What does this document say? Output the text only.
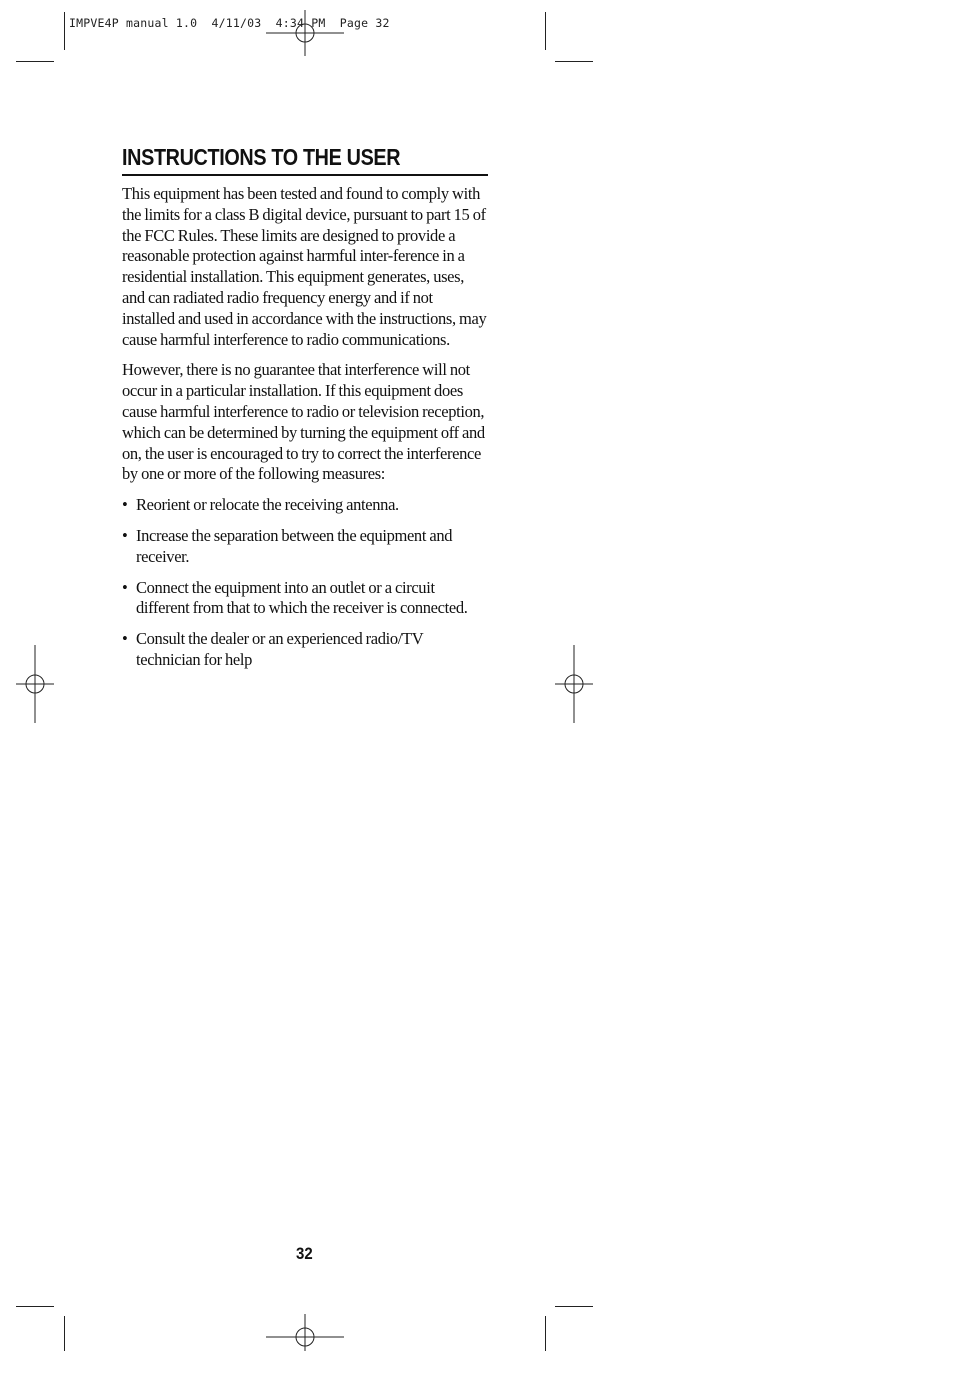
IMPVE4P manual 1.0  4/11/03  4:34 PM  Page 32
INSTRUCTIONS TO THE USER

This equipment has been tested and found to comply with the limits for a class B digital device, pursuant to part 15 of the FCC Rules. These limits are designed to provide a reasonable protection against harmful inter-ference in a residential installation. This equipment generates, uses, and can radiated radio frequency energy and if not installed and used in accordance with the instructions, may cause harmful interference to radio communications.

However, there is no guarantee that interference will not occur in a particular installation. If this equipment does cause harmful interference to radio or television reception, which can be determined by turning the equipment off and on, the user is encouraged to try to correct the interference by one or more of the following measures:

• Reorient or relocate the receiving antenna.
• Increase the separation between the equipment and receiver.
• Connect the equipment into an outlet or a circuit different from that to which the receiver is connected.
• Consult the dealer or an experienced radio/TV technician for help
32
